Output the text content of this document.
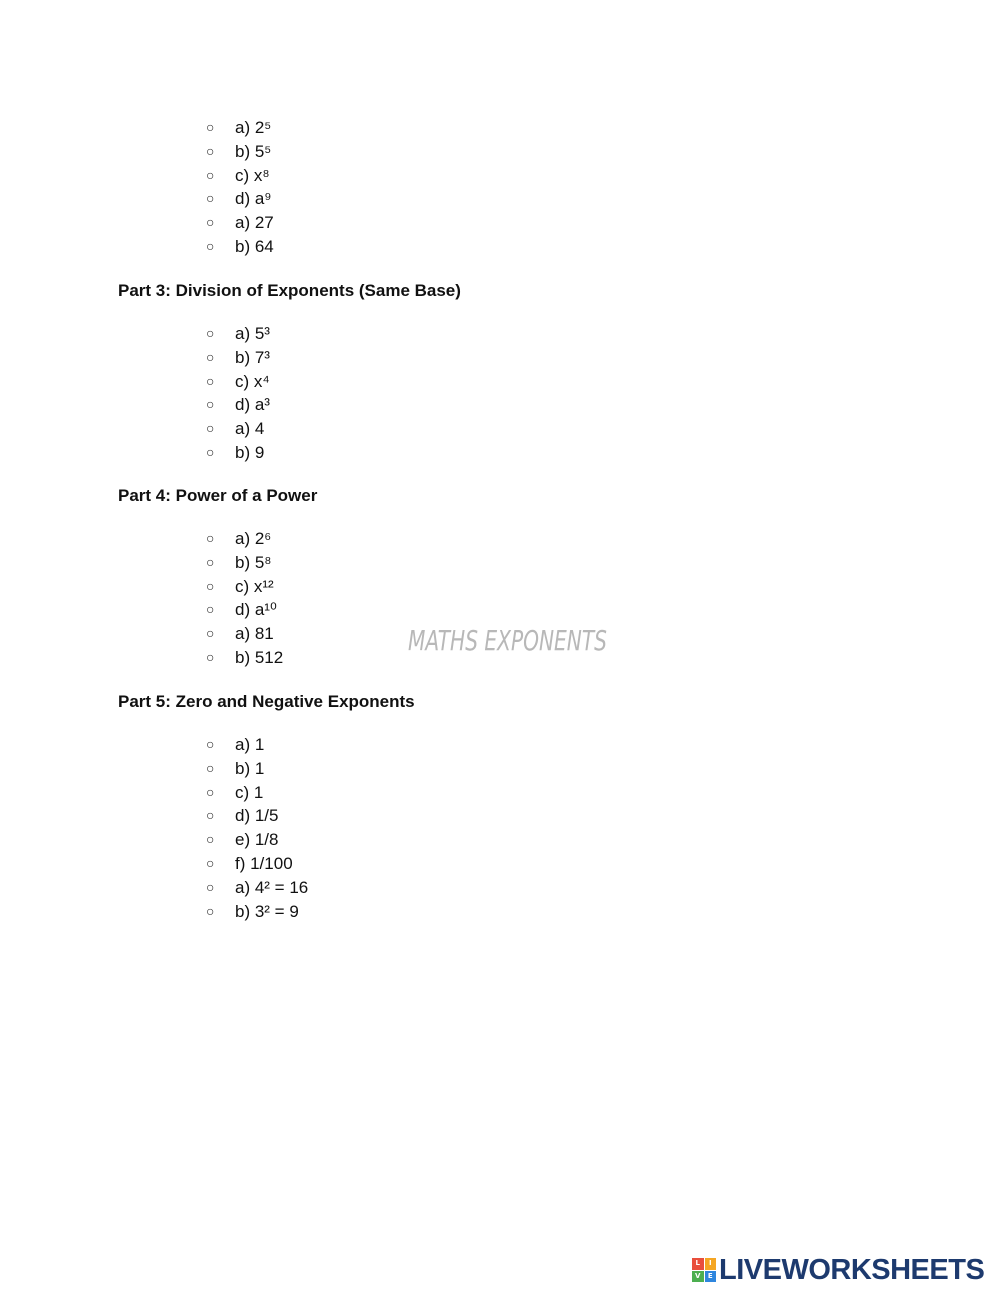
○ a) 2⁵
○ b) 5⁵
○ c) x⁸
○ d) a⁹
○ a) 27
○ b) 64
Part 3: Division of Exponents (Same Base)
○ a) 5³
○ b) 7³
○ c) x⁴
○ d) a³
○ a) 4
○ b) 9
Part 4: Power of a Power
○ a) 2⁶
○ b) 5⁸
○ c) x¹²
○ d) a¹⁰
○ a) 81
○ b) 512
MATHS EXPONENTS
Part 5: Zero and Negative Exponents
○ a) 1
○ b) 1
○ c) 1
○ d) 1/5
○ e) 1/8
○ f) 1/100
○ a) 4² = 16
○ b) 3² = 9
L	I
V	E LIVEWORKSHEETS
